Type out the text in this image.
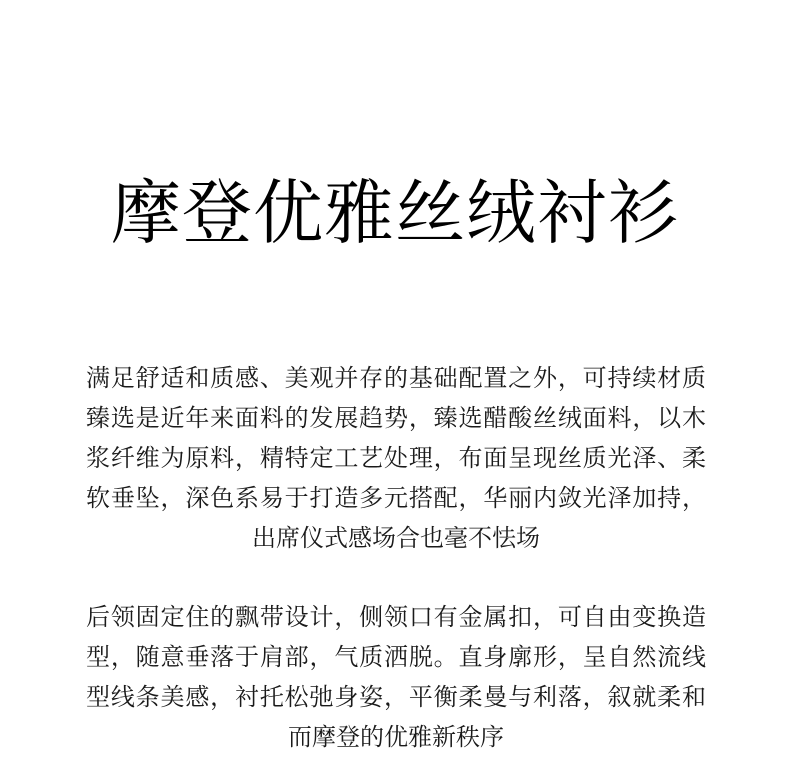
摩登优雅丝绒衬衫

满足舒适和质感、美观并存的基础配置之外，可持续材质臻选是近年来面料的发展趋势，臻选醋酸丝绒面料，以木浆纤维为原料，精特定工艺处理，布面呈现丝质光泽、柔软垂坠，深色系易于打造多元搭配，华丽内敛光泽加持，出席仪式感场合也毫不怯场

后领固定住的飘带设计，侧领口有金属扣，可自由变换造型，随意垂落于肩部，气质洒脱。直身廓形，呈自然流线型线条美感，衬托松弛身姿，平衡柔曼与利落，叙就柔和而摩登的优雅新秩序
